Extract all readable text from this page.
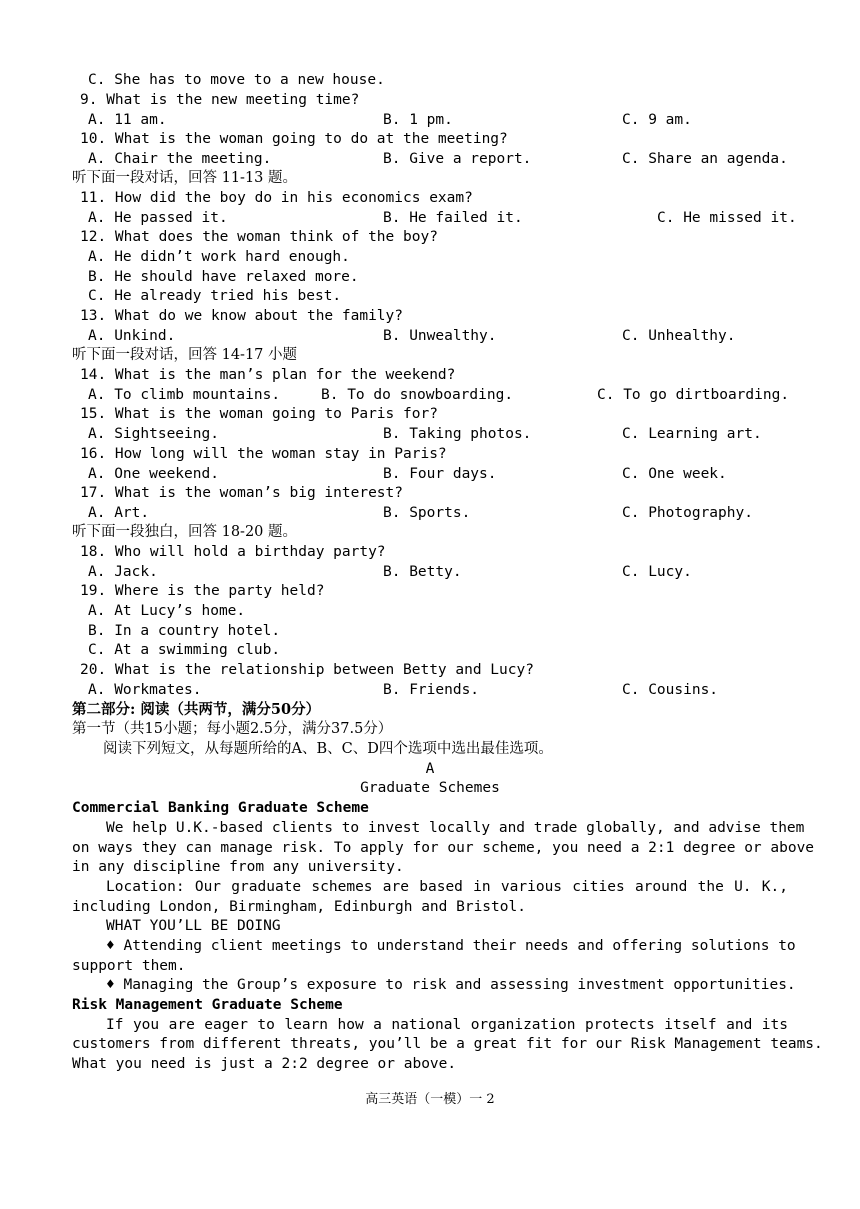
C. She has to move to a new house.
9. What is the new meeting time?
A. 11 am.	B. 1 pm.	C. 9 am.
10. What is the woman going to do at the meeting?
A. Chair the meeting.	B. Give a report.	C. Share an agenda.
听下面一段对话，回答 11-13 题。
11. How did the boy do in his economics exam?
A. He passed it.	B. He failed it.	C. He missed it.
12. What does the woman think of the boy?
A. He didn’t work hard enough.
B. He should have relaxed more.
C. He already tried his best.
13. What do we know about the family?
A. Unkind.	B. Unwealthy.	C. Unhealthy.
听下面一段对话，回答 14-17 小题
14. What is the man’s plan for the weekend?
A. To climb mountains.	B. To do snowboarding.	C. To go dirtboarding.
15. What is the woman going to Paris for?
A. Sightseeing.	B. Taking photos.	C. Learning art.
16. How long will the woman stay in Paris?
A. One weekend.	B. Four days.	C. One week.
17. What is the woman’s big interest?
A. Art.	B. Sports.	C. Photography.
听下面一段独白，回答 18-20 题。
18. Who will hold a birthday party?
A. Jack.	B. Betty.	C. Lucy.
19. Where is the party held?
A. At Lucy’s home.
B. In a country hotel.
C. At a swimming club.
20. What is the relationship between Betty and Lucy?
A. Workmates.	B. Friends.	C. Cousins.
第二部分: 阅读（共两节，满分50分）
第一节（共15小题；每小题2.5分，满分37.5分）
阅读下列短文，从每题所给的A、B、C、D四个选项中选出最佳选项。
A
Graduate Schemes
Commercial Banking Graduate Scheme
We help U.K.-based clients to invest locally and trade globally, and advise them
on ways they can manage risk. To apply for our scheme, you need a 2:1 degree or above
in any discipline from any university.
Location: Our graduate schemes are based in various cities around the U. K.,
including London, Birmingham, Edinburgh and Bristol.
WHAT YOU’LL BE DOING
♦ Attending client meetings to understand their needs and offering solutions to
support them.
♦ Managing the Group’s exposure to risk and assessing investment opportunities.
Risk Management Graduate Scheme
If you are eager to learn how a national organization protects itself and its
customers from different threats, you’ll be a great fit for our Risk Management teams.
What you need is just a 2:2 degree or above.
高三英语（一模）一 2
